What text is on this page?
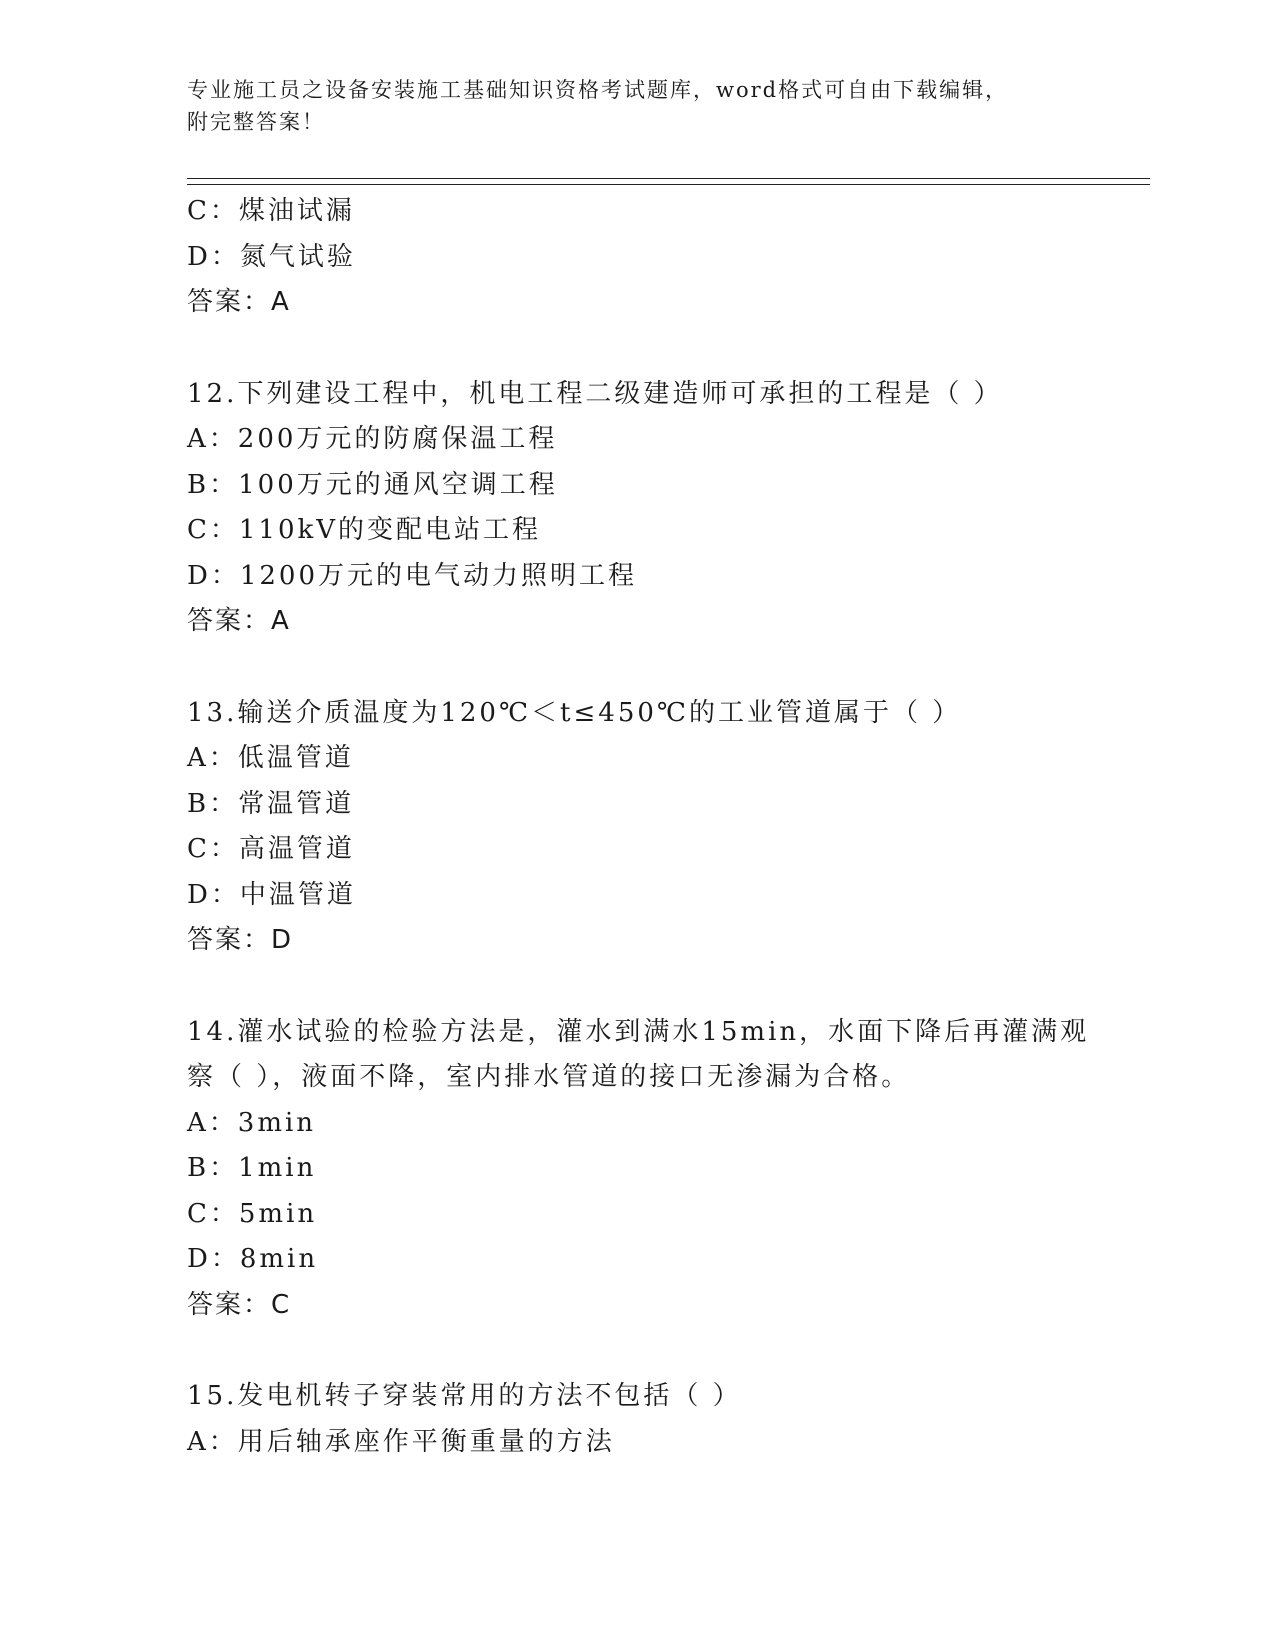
专业施工员之设备安装施工基础知识资格考试题库，word格式可自由下载编辑，
附完整答案！
C：煤油试漏
D：氮气试验
答案：A
12.下列建设工程中，机电工程二级建造师可承担的工程是（ ）
A：200万元的防腐保温工程
B：100万元的通风空调工程
C：110kV的变配电站工程
D：1200万元的电气动力照明工程
答案：A
13.输送介质温度为120℃＜t≤450℃的工业管道属于（ ）
A：低温管道
B：常温管道
C：高温管道
D：中温管道
答案：D
14.灌水试验的检验方法是，灌水到满水15min，水面下降后再灌满观
察（ ），液面不降，室内排水管道的接口无渗漏为合格。
A：3min
B：1min
C：5min
D：8min
答案：C
15.发电机转子穿装常用的方法不包括（ ）
A：用后轴承座作平衡重量的方法
